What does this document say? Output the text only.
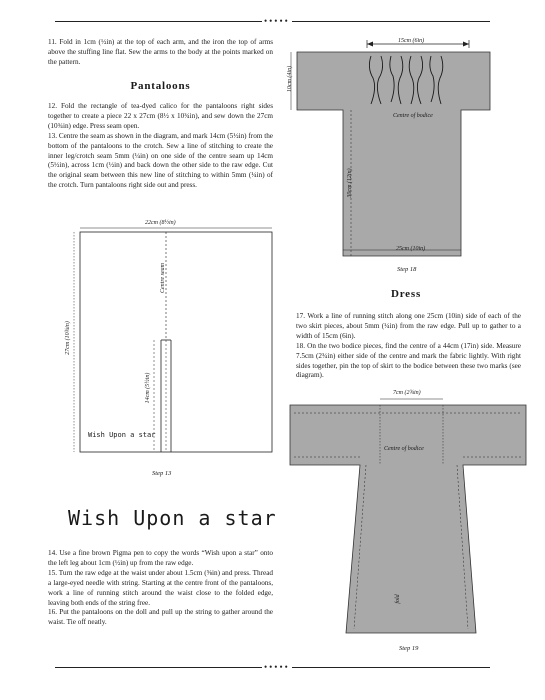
•••••

11. Fold in 1cm (½in) at the top of each arm, and the iron the top of arms above the stuffing line flat. Sew the arms to the body at the points marked on the pattern.

Pantaloons

12. Fold the rectangle of tea-dyed calico for the pantaloons right sides together to create a piece 22 x 27cm (8½ x 10¾in), and sew down the 27cm (10¾in) edge. Press seam open.

13. Centre the seam as shown in the diagram, and mark 14cm (5½in) from the bottom of the pantaloons to the crotch. Sew a line of stitching to create the inner leg/crotch seam 5mm (¼in) on one side of the centre seam up 14cm (5½in), across 1cm (½in) and back down the other side to the raw edge. Cut the original seam between this new line of stitching to within 5mm (¼in) of the crotch. Turn pantaloons right side out and press.

22cm (8½in)
27cm (10¾in)
Centre seam
14cm (5½in)
Wish Upon a star
Step 13
Wish Upon a star

14. Use a fine brown Pigma pen to copy the words “Wish upon a star” onto the left leg about 1cm (½in) up from the raw edge.

15. Turn the raw edge at the waist under about 1.5cm (⅝in) and press. Thread a large-eyed needle with string. Starting at the centre front of the pantaloons, work a line of running stitch around the waist close to the folded edge, leaving both ends of the string free.

16. Put the pantaloons on the doll and pull up the string to gather around the waist. Tie off neatly.

15cm (6in)
10cm (4in)
30cm (12in)
Centre of bodice
25cm (10in)
Step 18
Dress

17. Work a line of running stitch along one 25cm (10in) side of each of the two skirt pieces, about 5mm (¼in) from the raw edge. Pull up to gather to a width of 15cm (6in).

18. On the two bodice pieces, find the centre of a 44cm (17in) side. Measure 7.5cm (2¾in) either side of the centre and mark the fabric lightly. With right sides together, pin the top of skirt to the bodice between these two marks (see diagram).

7cm (2¾in)
Centre of bodice
fold
Step 19
•••••
